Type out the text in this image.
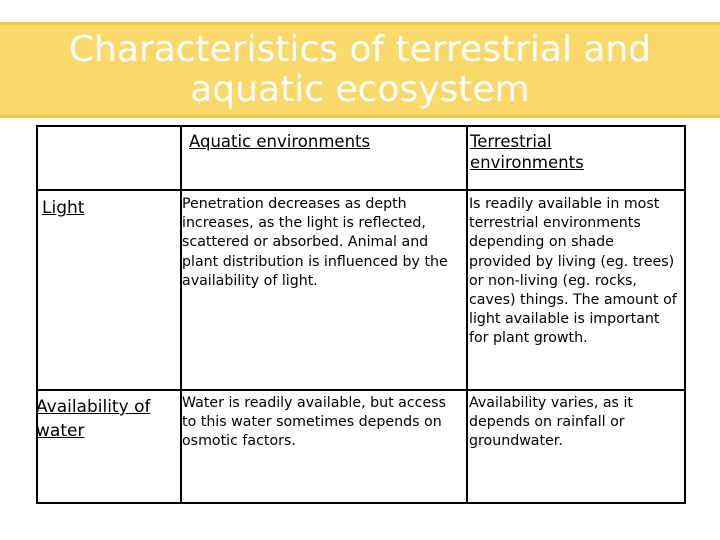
Characteristics of terrestrial and aquatic ecosystem
Aquatic environments	Terrestrial environments
Light	Penetration decreases as depth increases, as the light is reflected, scattered or absorbed. Animal and plant distribution is influenced by the availability of light.
Is readily available in most terrestrial environments depending on shade provided by living (eg. trees) or non-living (eg. rocks, caves) things. The amount of light available is important for plant growth.
Availability of water
Water is readily available, but access to this water sometimes depends on osmotic factors.
Availability varies, as it depends on rainfall or groundwater.
